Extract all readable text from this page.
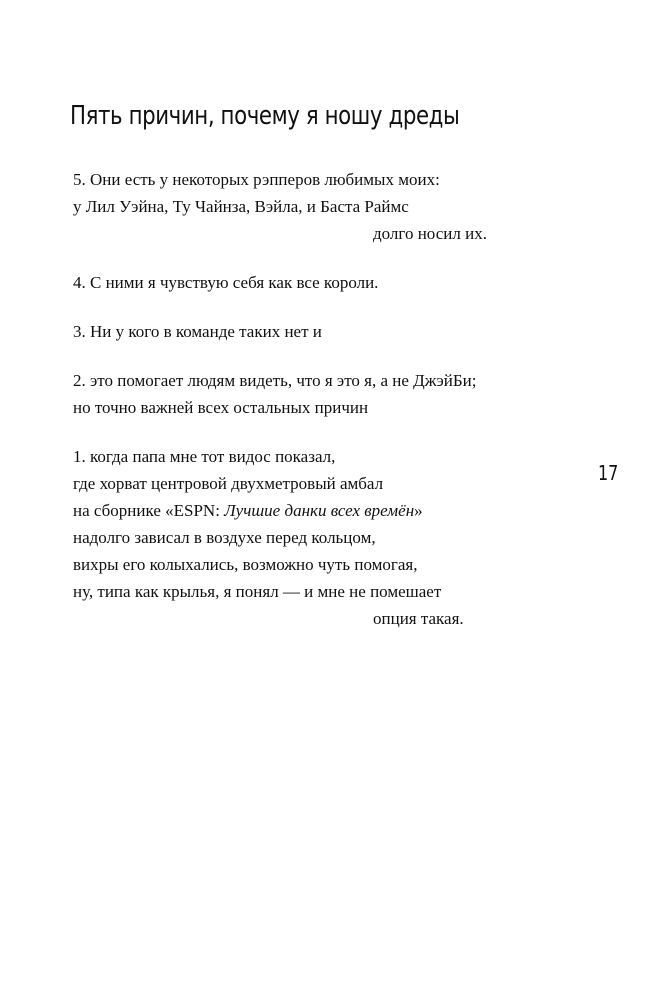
Пять причин, почему я ношу дреды

5. Они есть у некоторых рэпперов любимых моих:
у Лил Уэйна, Ту Чайнза, Вэйла, и Баста Раймс
долго носил их.

4. С ними я чувствую себя как все короли.

3. Ни у кого в команде таких нет и

2. это помогает людям видеть, что я это я, а не ДжэйБи;
но точно важней всех остальных причин

1. когда папа мне тот видос показал,
где хорват центровой двухметровый амбал
на сборнике «ESPN: Лучшие данки всех времён»
надолго зависал в воздухе перед кольцом,
вихры его колыхались, возможно чуть помогая,
ну, типа как крылья, я понял — и мне не помешает
опция такая.

17
